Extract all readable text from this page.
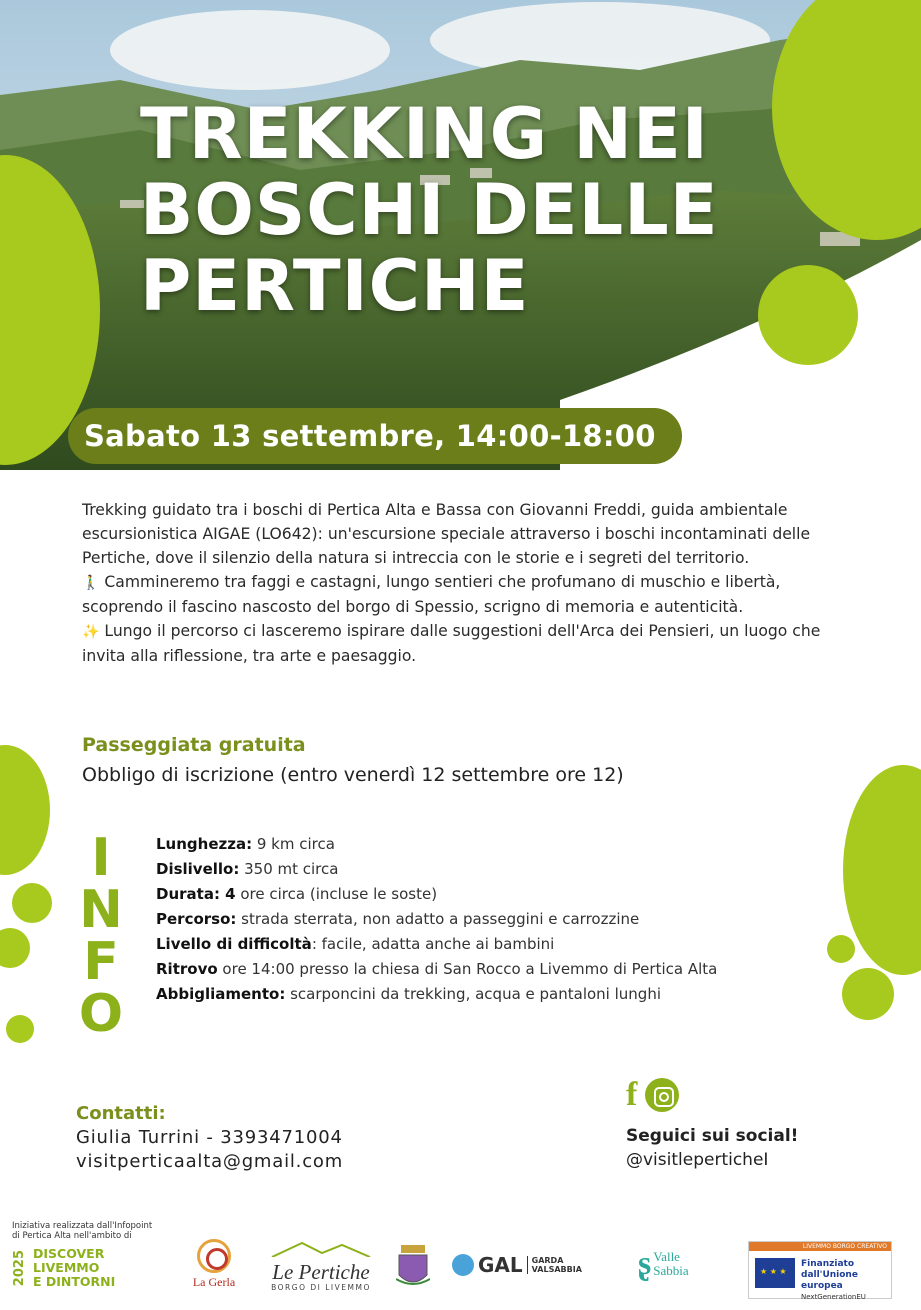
TREKKING NEI
BOSCHI DELLE
PERTICHE
Sabato 13 settembre, 14:00-18:00

Trekking guidato tra i boschi di Pertica Alta e Bassa con Giovanni Freddi, guida ambientale escursionistica AIGAE (LO642): un'escursione speciale attraverso i boschi incontaminati delle Pertiche, dove il silenzio della natura si intreccia con le storie e i segreti del territorio.

🚶‍♂️ Cammineremo tra faggi e castagni, lungo sentieri che profumano di muschio e libertà, scoprendo il fascino nascosto del borgo di Spessio, scrigno di memoria e autenticità.

✨ Lungo il percorso ci lasceremo ispirare dalle suggestioni dell'Arca dei Pensieri, un luogo che invita alla riflessione, tra arte e paesaggio.

Passeggiata gratuita
Obbligo di iscrizione (entro venerdì 12 settembre ore 12)
I
N
F
O
Lunghezza: 9 km circa
Dislivello: 350 mt circa
Durata: 4 ore circa (incluse le soste)
Percorso: strada sterrata, non adatto a passeggini e carrozzine
Livello di difficoltà: facile, adatta anche ai bambini
Ritrovo ore 14:00 presso la chiesa di San Rocco a Livemmo di Pertica Alta
Abbigliamento: scarponcini da trekking, acqua e pantaloni lunghi
Contatti:
Giulia Turrini - 3393471004
visitperticaalta@gmail.com
f
Seguici sui social!
@visitleperticheI
Iniziativa realizzata dall'Infopoint di Pertica Alta nell'ambito di
2025 DISCOVER
LIVEMMO
E DINTORNI	La Gerla	Le Pertiche
BORGO DI LIVEMMO
GAL	GARDA
VALSABBIA ʂ Valle
Sabbia
LIVEMMO BORGO CREATIVO
★ ★ ★
Finanziato
dall'Unione europea
NextGenerationEU
